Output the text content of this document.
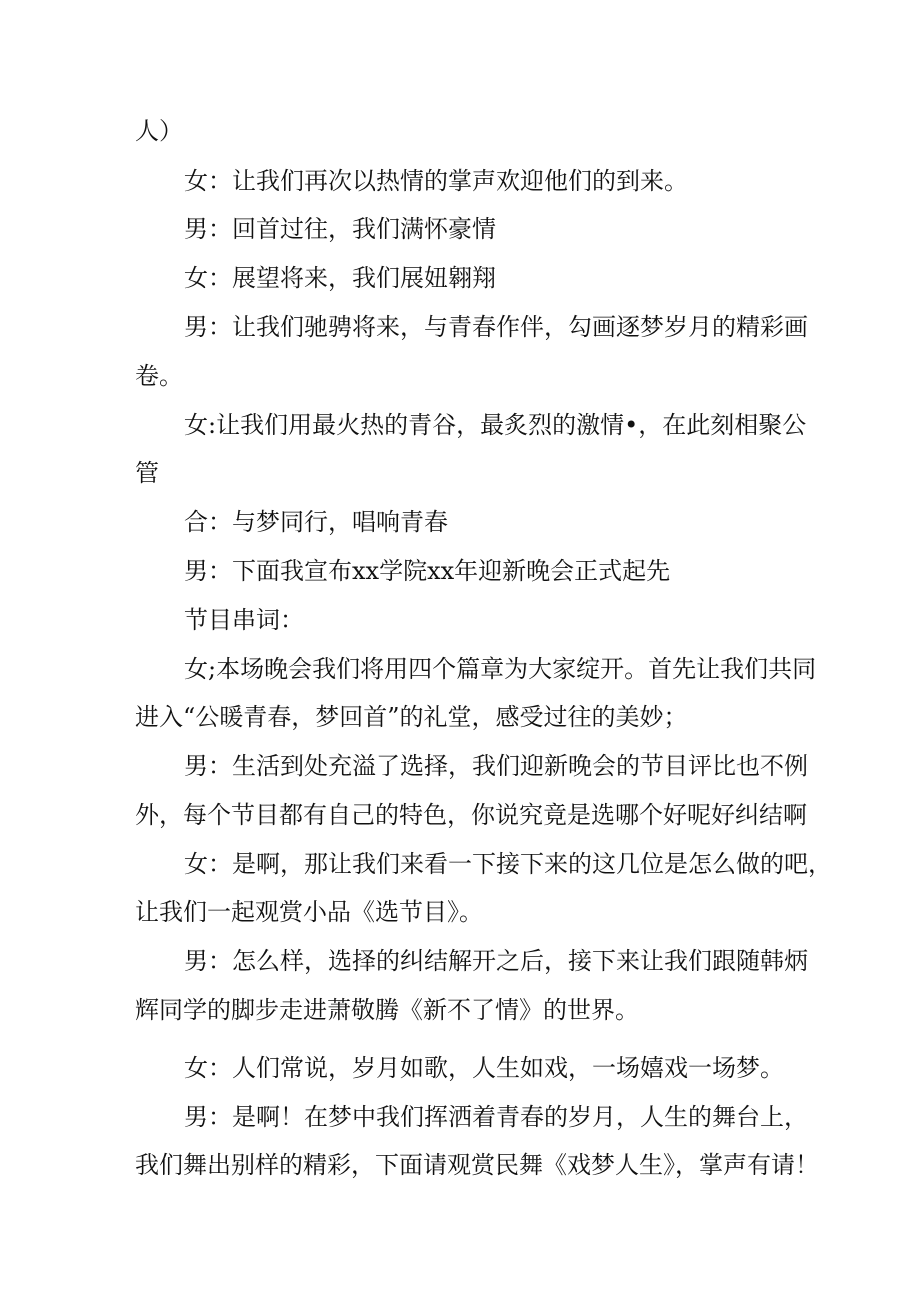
人）
女：让我们再次以热情的掌声欢迎他们的到来。
男：回首过往，我们满怀豪情
女：展望将来，我们展妞翱翔
男：让我们驰骋将来，与青春作伴，勾画逐梦岁月的精彩画
卷。
女:让我们用最火热的青谷，最炙烈的激情•，在此刻相聚公
管
合：与梦同行，唱响青春
男：下面我宣布xx学院xx年迎新晚会正式起先
节目串词：
女;本场晚会我们将用四个篇章为大家绽开。首先让我们共同
进入“公暖青春，梦回首”的礼堂，感受过往的美妙；
男：生活到处充溢了选择，我们迎新晚会的节目评比也不例
外，每个节目都有自己的特色，你说究竟是选哪个好呢好纠结啊
女：是啊，那让我们来看一下接下来的这几位是怎么做的吧，
让我们一起观赏小品《选节目》。
男：怎么样，选择的纠结解开之后，接下来让我们跟随韩炳
辉同学的脚步走进萧敬腾《新不了情》的世界。
女：人们常说，岁月如歌，人生如戏，一场嬉戏一场梦。
男：是啊！在梦中我们挥洒着青春的岁月，人生的舞台上，
我们舞出别样的精彩，下面请观赏民舞《戏梦人生》，掌声有请！
